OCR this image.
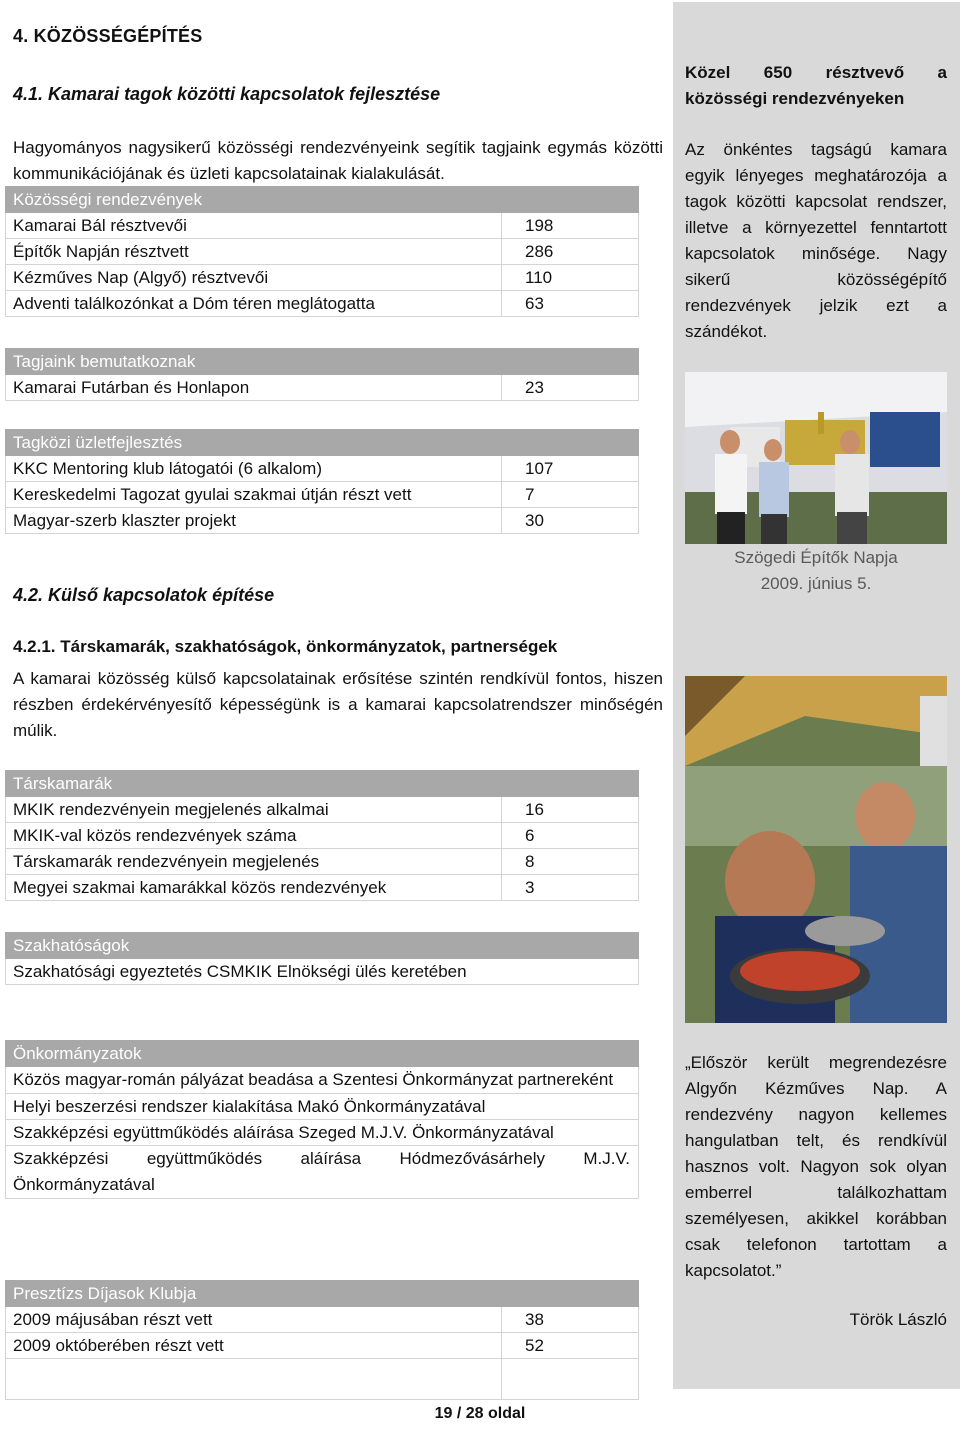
4. KÖZÖSSÉGÉPÍTÉS
4.1. Kamarai tagok közötti kapcsolatok fejlesztése
Hagyományos nagysikerű közösségi rendezvényeink segítik tagjaink egymás közötti kommunikációjának és üzleti kapcsolatainak kialakulását.
Közösségi rendezvények	
Kamarai Bál résztvevői	198
Építők Napján résztvett	286
Kézműves Nap (Algyő) résztvevői	110
Adventi találkozónkat a Dóm téren meglátogatta	63
Tagjaink bemutatkoznak
Kamarai Futárban és Honlapon	23
Tagközi üzletfejlesztés	
KKC Mentoring klub látogatói (6 alkalom)	107
Kereskedelmi Tagozat gyulai szakmai útján részt vett	7
Magyar-szerb klaszter projekt	30
4.2. Külső kapcsolatok építése
4.2.1. Társkamarák, szakhatóságok, önkormányzatok, partnerségek
A kamarai közösség külső kapcsolatainak erősítése szintén rendkívül fontos, hiszen részben érdekérvényesítő képességünk is a kamarai kapcsolatrendszer minőségén múlik.
Társkamarák	
MKIK rendezvényein megjelenés alkalmai	16
MKIK-val közös rendezvények száma	6
Társkamarák rendezvényein megjelenés	8
Megyei szakmai kamarákkal közös rendezvények	3
Szakhatóságok
Szakhatósági egyeztetés CSMKIK Elnökségi ülés keretében
Önkormányzatok
Közös magyar-román pályázat beadása a Szentesi Önkormányzat partnereként
Helyi beszerzési rendszer kialakítása Makó Önkormányzatával
Szakképzési együttműködés aláírása Szeged M.J.V. Önkormányzatával
Szakképzési együttműködés aláírása Hódmezővásárhely M.J.V. Önkormányzatával
Presztízs Díjasok Klubja	
2009 májusában részt vett	38
2009 októberében részt vett	52

Közel 650 résztvevő a közösségi rendezvényeken
Az önkéntes tagságú kamara egyik lényeges meghatározója a tagok közötti kapcsolat rendszer, illetve a környezettel fenntartott kapcsolatok minősége. Nagy sikerű közösségépítő rendezvények jelzik ezt a szándékot.
Szögedi Építők Napja
2009. június 5.
„Először került megrendezésre Algyőn Kézműves Nap. A rendezvény nagyon kellemes hangulatban telt, és rendkívül hasznos volt. Nagyon sok olyan emberrel találkozhattam személyesen, akikkel korábban csak telefonon tartottam a kapcsolatot.”
Török László
19 / 28 oldal
